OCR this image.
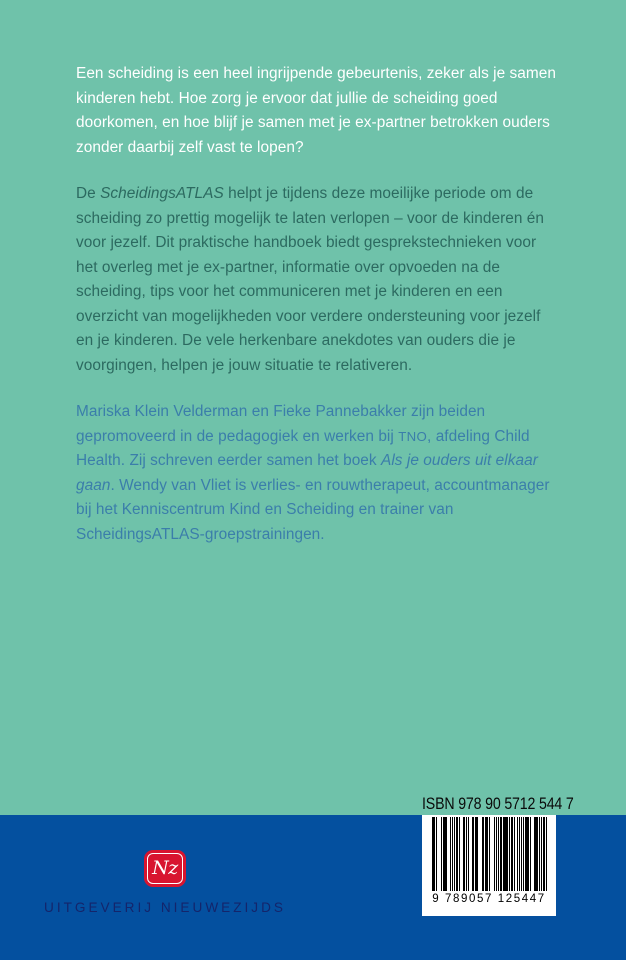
Een scheiding is een heel ingrijpende gebeurtenis, zeker als je samen kinderen hebt. Hoe zorg je ervoor dat jullie de scheiding goed doorkomen, en hoe blijf je samen met je ex-partner betrokken ouders zonder daarbij zelf vast te lopen?

De ScheidingsATLAS helpt je tijdens deze moeilijke periode om de scheiding zo prettig mogelijk te laten verlopen – voor de kinderen én voor jezelf. Dit praktische handboek biedt gesprekstechnieken voor het overleg met je ex-partner, informatie over opvoeden na de scheiding, tips voor het communiceren met je kinderen en een overzicht van mogelijkheden voor verdere ondersteuning voor jezelf en je kinderen. De vele herkenbare anekdotes van ouders die je voorgingen, helpen je jouw situatie te relativeren.

Mariska Klein Velderman en Fieke Pannebakker zijn beiden gepromoveerd in de pedagogiek en werken bij TNO, afdeling Child Health. Zij schreven eerder samen het boek Als je ouders uit elkaar gaan. Wendy van Vliet is verlies- en rouwtherapeut, accountmanager bij het Kenniscentrum Kind en Scheiding en trainer van ScheidingsATLAS-groepstrainingen.

ISBN 978 90 5712 544 7
Nz
UITGEVERIJ NIEUWEZIJDS
9 789057 125447
